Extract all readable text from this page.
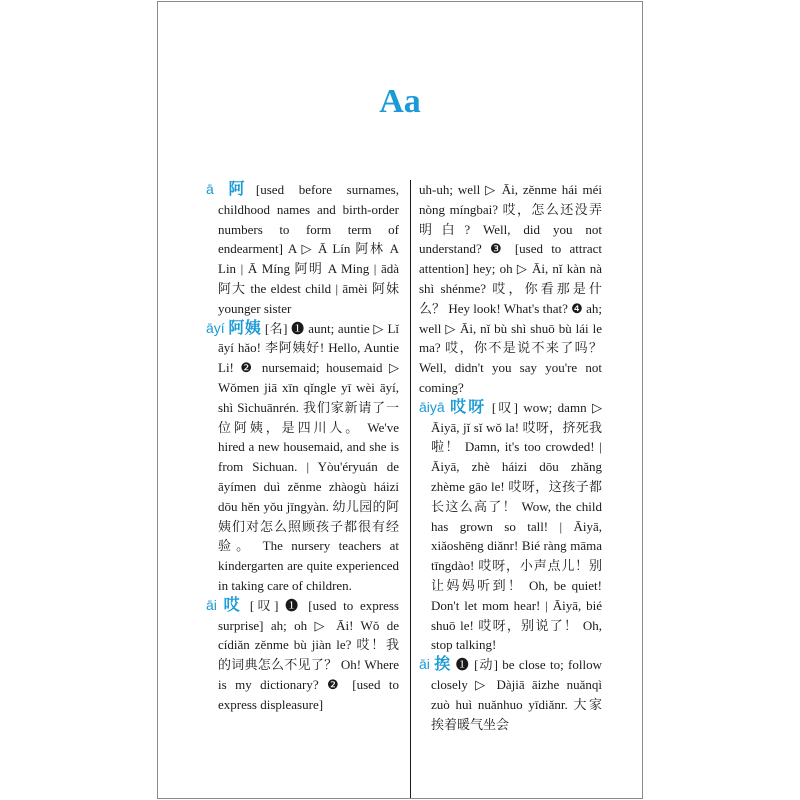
Aa

ā 阿[used before surnames, childhood names and birth-order numbers to form term of endearment] A ▷ Ā Lín 阿林 A Lin | Ā Míng 阿明 A Ming | ādà 阿大 the eldest child | āmèi 阿妹 younger sister

āyí 阿姨 [名] ❶ aunt; auntie ▷ Lǐ āyí hǎo! 李阿姨好! Hello, Auntie Li! ❷ nursemaid; housemaid ▷ Wǒmen jiā xīn qǐngle yī wèi āyí, shì Sìchuānrén. 我们家新请了一位阿姨，是四川人。 We've hired a new housemaid, and she is from Sichuan. | Yòu'éryuán de āyímen duì zěnme zhàogù háizi dōu hěn yǒu jīngyàn. 幼儿园的阿姨们对怎么照顾孩子都很有经验。 The nursery teachers at kindergarten are quite experienced in taking care of children.

āi 哎 [叹] ❶ [used to express surprise] ah; oh ▷ Āi! Wǒ de cídiǎn zěnme bù jiàn le? 哎！我的词典怎么不见了？ Oh! Where is my dictionary? ❷ [used to express displeasure]

uh-uh; well ▷ Āi, zěnme hái méi nòng míngbai? 哎，怎么还没弄明白? Well, did you not understand? ❸ [used to attract attention] hey; oh ▷ Āi, nǐ kàn nà shì shénme? 哎，你看那是什么？ Hey look! What's that? ❹ ah; well ▷ Āi, nǐ bù shì shuō bù lái le ma? 哎，你不是说不来了吗？ Well, didn't you say you're not coming?

āiyā 哎呀 [叹] wow; damn ▷ Āiyā, jǐ sǐ wǒ la! 哎呀，挤死我啦！ Damn, it's too crowded! | Āiyā, zhè háizi dōu zhǎng zhème gāo le! 哎呀，这孩子都长这么高了！ Wow, the child has grown so tall! | Āiyā, xiǎoshēng diǎnr! Bié ràng māma tīngdào! 哎呀，小声点儿！别让妈妈听到！ Oh, be quiet! Don't let mom hear! | Āiyā, bié shuō le! 哎呀，别说了！ Oh, stop talking!

āi 挨 ❶ [动] be close to; follow closely ▷ Dàjiā āizhe nuǎnqì zuò huì nuǎnhuo yīdiǎnr. 大家挨着暖气坐会
